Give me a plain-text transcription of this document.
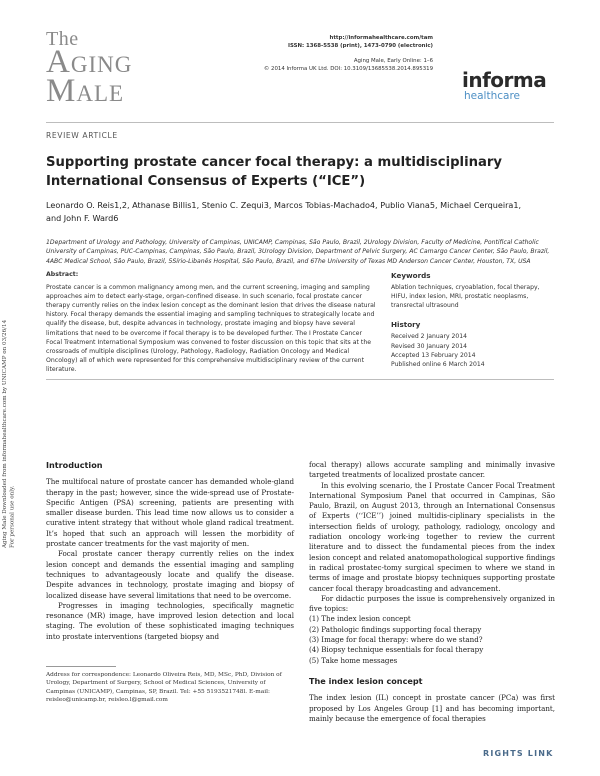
Aging Male Downloaded from informahealthcare.com by UNICAMP on 03/26/14
For personal use only.
The
Aging
Male
http://informahealthcare.com/tam
ISSN: 1368-5538 (print), 1473-0790 (electronic)
Aging Male, Early Online: 1–6
© 2014 Informa UK Ltd. DOI: 10.3109/13685538.2014.895319 informa
healthcare
REVIEW ARTICLE
Supporting prostate cancer focal therapy: a multidisciplinary International Consensus of Experts (“ICE”)
Leonardo O. Reis1,2, Athanase Billis1, Stenio C. Zequi3, Marcos Tobias-Machado4, Publio Viana5, Michael Cerqueira1,
and John F. Ward6
1Department of Urology and Pathology, University of Campinas, UNICAMP, Campinas, São Paulo, Brazil, 2Urology Division, Faculty of Medicine, Pontifical Catholic University of Campinas, PUC-Campinas, Campinas, São Paulo, Brazil, 3Urology Division, Department of Pelvic Surgery, AC Camargo Cancer Center, São Paulo, Brazil, 4ABC Medical School, São Paulo, Brazil, 5Sírio-Libanês Hospital, São Paulo, Brazil, and 6The University of Texas MD Anderson Cancer Center, Houston, TX, USA
Abstract:
Prostate cancer is a common malignancy among men, and the current screening, imaging and sampling approaches aim to detect early-stage, organ-confined disease. In such scenario, focal prostate cancer therapy currently relies on the index lesion concept as the dominant lesion that drives the disease natural history. Focal therapy demands the essential imaging and sampling techniques to strategically locate and qualify the disease, but, despite advances in technology, prostate imaging and biopsy have several limitations that need to be overcome if focal therapy is to be developed further. The I Prostate Cancer Focal Treatment International Symposium was convened to foster discussion on this topic that sits at the crossroads of multiple disciplines (Urology, Pathology, Radiology, Radiation Oncology and Medical Oncology) all of which were represented for this comprehensive multidisciplinary review of the current literature.
Keywords
Ablation techniques, cryoablation, focal therapy, HIFU, index lesion, MRI, prostatic neoplasms, transrectal ultrasound
History
Received 2 January 2014
Revised 30 January 2014
Accepted 13 February 2014
Published online 6 March 2014
Introduction
The multifocal nature of prostate cancer has demanded whole-gland therapy in the past; however, since the wide-spread use of Prostate-Specific Antigen (PSA) screening, patients are presenting with smaller disease burden. This lead time now allows us to consider a curative intent strategy that without whole gland radical treatment. It’s hoped that such an approach will lessen the morbidity of prostate cancer treatments for the vast majority of men.
Focal prostate cancer therapy currently relies on the index lesion concept and demands the essential imaging and sampling techniques to advantageously locate and qualify the disease. Despite advances in technology, prostate imaging and biopsy of localized disease have several limitations that need to be overcome.
Progresses in imaging technologies, specifically magnetic resonance (MR) image, have improved lesion detection and local staging. The evolution of these sophisticated imaging techniques into prostate interventions (targeted biopsy and
focal therapy) allows accurate sampling and minimally invasive targeted treatments of localized prostate cancer.
In this evolving scenario, the I Prostate Cancer Focal Treatment International Symposium Panel that occurred in Campinas, São Paulo, Brazil, on August 2013, through an International Consensus of Experts (‘‘ICE’’) joined multidis-ciplinary specialists in the intersection fields of urology, pathology, radiology, oncology and radiation oncology work-ing together to review the current literature and to dissect the fundamental pieces from the index lesion concept and related anatomopathological supportive findings in radical prostatec-tomy surgical specimen to where we stand in terms of image and prostate biopsy techniques supporting prostate cancer focal therapy broadcasting and advancement.
For didactic purposes the issue is comprehensively organized in five topics:
(1) The index lesion concept
(2) Pathologic findings supporting focal therapy
(3) Image for focal therapy: where do we stand?
(4) Biopsy technique essentials for focal therapy
(5) Take home messages
The index lesion concept
The index lesion (IL) concept in prostate cancer (PCa) was first proposed by Los Angeles Group [1] and has becoming important, mainly because the emergence of focal therapies
Address for correspondence: Leonardo Oliveira Reis, MD, MSc, PhD, Division of Urology, Department of Surgery, School of Medical Sciences, University of Campinas (UNICAMP), Campinas, SP, Brazil. Tel: +55 5193521748l. E-mail: reisleo@unicamp.br, reisleo.l@gmail.com
RIGHTS LINK
